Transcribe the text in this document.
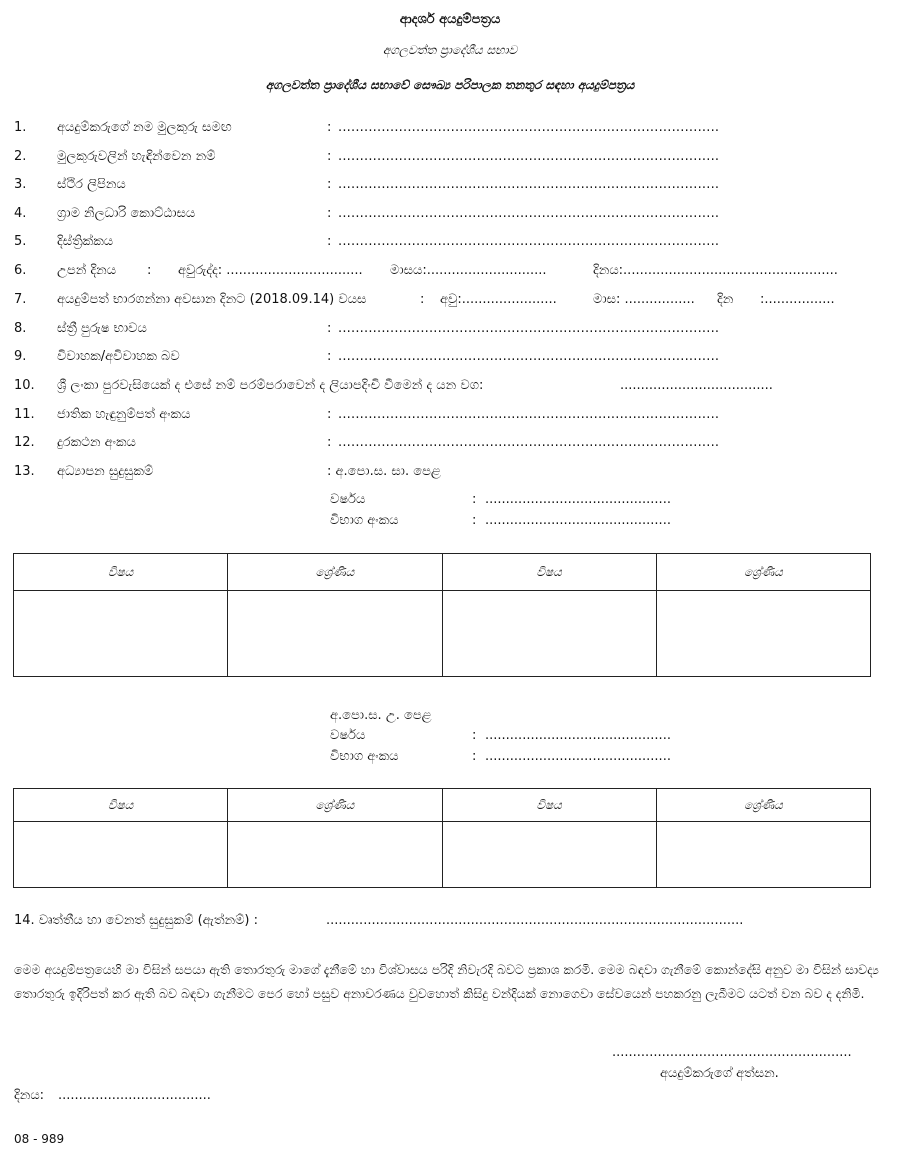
ආදර්ශ අයදුම්පත්‍රය
අගලවත්ත ප්‍රාදේශීය සභාව
අගලවත්ත ප්‍රාදේශීය සභාවේ සෞඛ්‍ය පරිපාලක තනතුර සඳහා අයදුම්පත්‍රය
1. අයදුම්කරුගේ නම මුලකුරු සමඟ	: ........................................................................................
2. මුලකුරුවලින් හැඳින්වෙන නම්	: ........................................................................................
3. ස්ථිර ලිපිනය	: ........................................................................................
4. ග්‍රාම නිලධාරි කොට්ඨාසය	: ........................................................................................
5. දිස්ත්‍රික්කය	: ........................................................................................
6. උපන් දිනය : අවුරුද්ද: ................................. මාසය:.............................	දිනය:....................................................
7. අයදුම්පත් භාරගන්නා අවසාන දිනට (2018.09.14) වයස	: අවු:.......................	මාස: ................. දින :.................
8. ස්ත්‍රී පුරුෂ භාවය	: ........................................................................................
9. විවාහක/අවිවාහක බව	: ........................................................................................
10. ශ්‍රී ලංකා පුරවැසියෙක් ද එසේ නම් පරම්පරාවෙන් ද ලියාපදිංචි වීමෙන් ද යන වග:	.....................................
11. ජාතික හැඳුනුම්පත් අංකය	: ........................................................................................
12. දුරකථන අංකය	: ........................................................................................
13. අධ්‍යාපන සුදුසුකම්	: අ.පො.ස. සා. පෙළ
වර්ෂය	: .............................................
විභාග අංකය	: .............................................
විෂය	ශ්‍රේණිය	විෂය	ශ්‍රේණිය

අ.පො.ස. උ. පෙළ
වර්ෂය	: .............................................
විභාග අංකය	: .............................................
විෂය	ශ්‍රේණිය	විෂය	ශ්‍රේණිය

14. වෘත්තීය හා වෙනත් සුදුසුකම් (ඇත්නම්) :	.....................................................................................................
මෙම අයදුම්පත්‍රයෙහි මා විසින් සපයා ඇති තොරතුරු මාගේ දැනීමේ හා විශ්වාසය පරිදි නිවැරදි බවට ප්‍රකාශ කරමි. මෙම බඳවා ගැනීමේ කොන්දේසි අනුව මා විසින් සාවද්‍ය තොරතුරු ඉදිරිපත් කර ඇති බව බඳවා ගැනීමට පෙර හෝ පසුව අනාවරණය වුවහොත් කිසිදු වන්දියක් නොගෙවා සේවයෙන් පහකරනු ලැබීමට යටත් වන බව ද දනිමි.
..........................................................
අයදුම්කරුගේ අත්සන.
දිනය: .....................................
08 - 989
